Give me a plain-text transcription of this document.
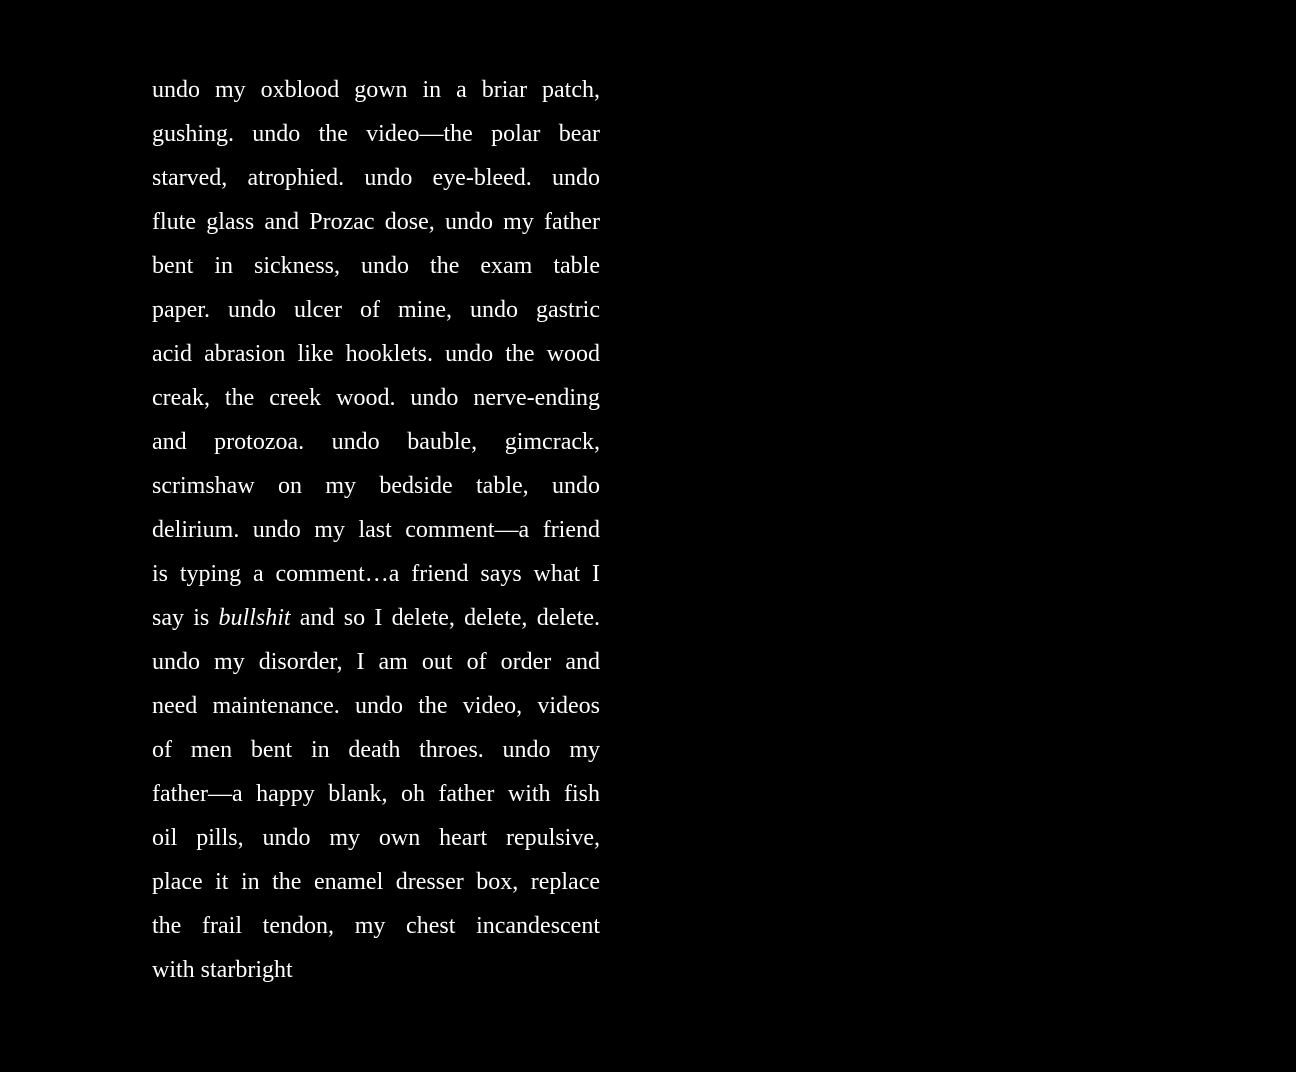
undo my oxblood gown in a briar patch,
gushing. undo the video—the polar bear
starved, atrophied. undo eye-bleed. undo
flute glass and Prozac dose, undo my father
bent in sickness, undo the exam table
paper. undo ulcer of mine, undo gastric
acid abrasion like hooklets. undo the wood
creak, the creek wood. undo nerve-ending
and protozoa. undo bauble, gimcrack,
scrimshaw on my bedside table, undo
delirium. undo my last comment—a friend
is typing a comment…a friend says what I
say is bullshit and so I delete, delete, delete.
undo my disorder, I am out of order and
need maintenance. undo the video, videos
of men bent in death throes. undo my
father—a happy blank, oh father with fish
oil pills, undo my own heart repulsive,
place it in the enamel dresser box, replace
the frail tendon, my chest incandescent
with starbright
